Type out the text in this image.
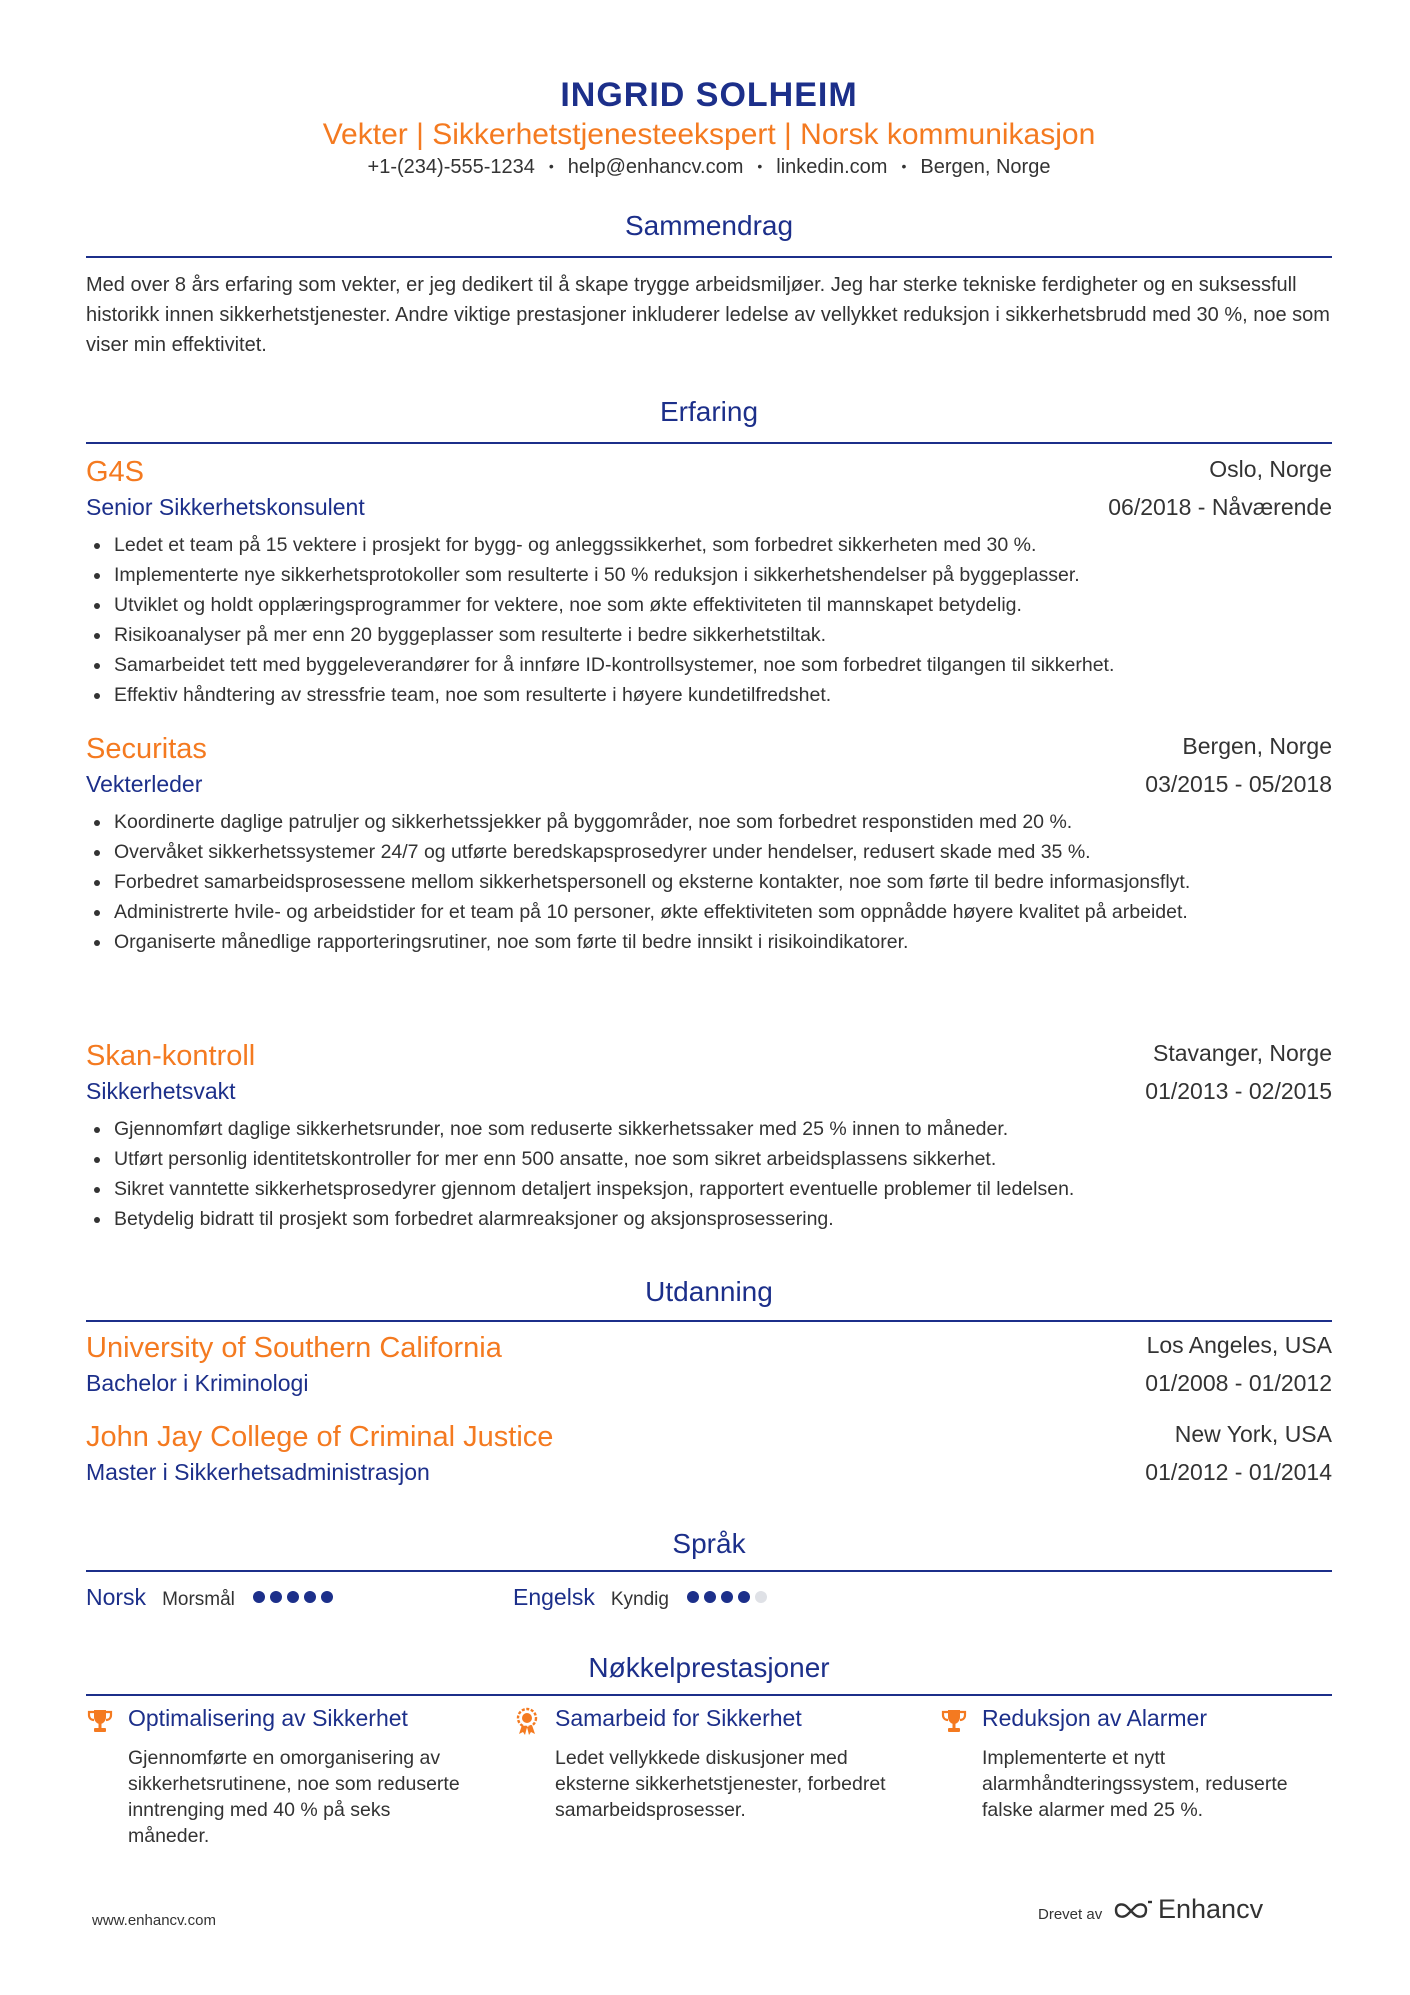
INGRID SOLHEIM
Vekter | Sikkerhetstjenesteekspert | Norsk kommunikasjon
+1-(234)-555-1234 • help@enhancv.com • linkedin.com • Bergen, Norge
Sammendrag
Med over 8 års erfaring som vekter, er jeg dedikert til å skape trygge arbeidsmiljøer. Jeg har sterke tekniske ferdigheter og en suksessfull historikk innen sikkerhetstjenester. Andre viktige prestasjoner inkluderer ledelse av vellykket reduksjon i sikkerhetsbrudd med 30 %, noe som viser min effektivitet.
Erfaring
G4S	Oslo, Norge
Senior Sikkerhetskonsulent	06/2018 - Nåværende
Ledet et team på 15 vektere i prosjekt for bygg- og anleggssikkerhet, som forbedret sikkerheten med 30 %.
Implementerte nye sikkerhetsprotokoller som resulterte i 50 % reduksjon i sikkerhetshendelser på byggeplasser.
Utviklet og holdt opplæringsprogrammer for vektere, noe som økte effektiviteten til mannskapet betydelig.
Risikoanalyser på mer enn 20 byggeplasser som resulterte i bedre sikkerhetstiltak.
Samarbeidet tett med byggeleverandører for å innføre ID-kontrollsystemer, noe som forbedret tilgangen til sikkerhet.
Effektiv håndtering av stressfrie team, noe som resulterte i høyere kundetilfredshet.
Securitas	Bergen, Norge
Vekterleder	03/2015 - 05/2018
Koordinerte daglige patruljer og sikkerhetssjekker på byggområder, noe som forbedret responstiden med 20 %.
Overvåket sikkerhetssystemer 24/7 og utførte beredskapsprosedyrer under hendelser, redusert skade med 35 %.
Forbedret samarbeidsprosessene mellom sikkerhetspersonell og eksterne kontakter, noe som førte til bedre informasjonsflyt.
Administrerte hvile- og arbeidstider for et team på 10 personer, økte effektiviteten som oppnådde høyere kvalitet på arbeidet.
Organiserte månedlige rapporteringsrutiner, noe som førte til bedre innsikt i risikoindikatorer.
Skan-kontroll	Stavanger, Norge
Sikkerhetsvakt	01/2013 - 02/2015
Gjennomført daglige sikkerhetsrunder, noe som reduserte sikkerhetssaker med 25 % innen to måneder.
Utført personlig identitetskontroller for mer enn 500 ansatte, noe som sikret arbeidsplassens sikkerhet.
Sikret vanntette sikkerhetsprosedyrer gjennom detaljert inspeksjon, rapportert eventuelle problemer til ledelsen.
Betydelig bidratt til prosjekt som forbedret alarmreaksjoner og aksjonsprosessering.
Utdanning
University of Southern California	Los Angeles, USA
Bachelor i Kriminologi	01/2008 - 01/2012
John Jay College of Criminal Justice	New York, USA
Master i Sikkerhetsadministrasjon	01/2012 - 01/2014
Språk
Norsk Morsmål	Engelsk Kyndig
Nøkkelprestasjoner
Optimalisering av Sikkerhet
Gjennomførte en omorganisering av sikkerhetsrutinene, noe som reduserte inntrenging med 40 % på seks måneder.
Samarbeid for Sikkerhet
Ledet vellykkede diskusjoner med eksterne sikkerhetstjenester, forbedret samarbeidsprosesser.
Reduksjon av Alarmer
Implementerte et nytt alarmhåndteringssystem, reduserte falske alarmer med 25 %.
www.enhancv.com	Drevet av Enhancv
